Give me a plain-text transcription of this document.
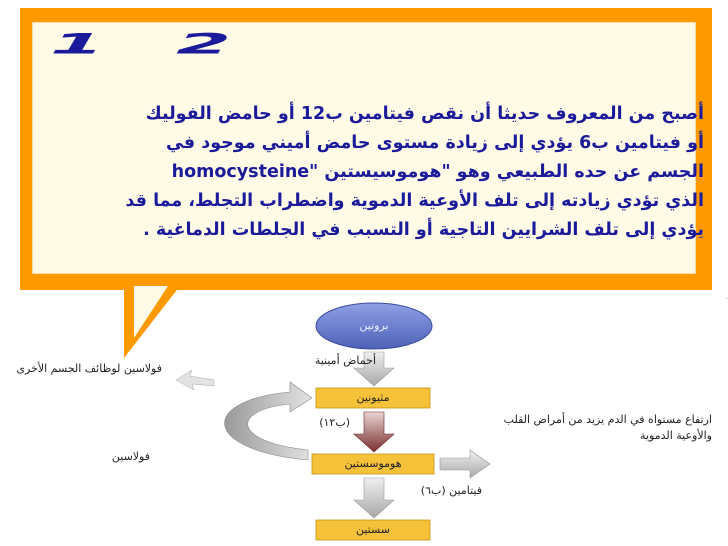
12
أصبح من المعروف حديثا أن نقص فيتامين ب12 أو حامض الفوليك
أو فيتامين ب6 يؤدي إلى زيادة مستوى حامض أميني موجود في
الجسم عن حده الطبيعي وهو "هوموسيستين "homocysteine
الذي تؤدي زيادته إلى تلف الأوعية الدموية واضطراب التجلط، مما قد
يؤدي إلى تلف الشرايين التاجية أو التسبب في الجلطات الدماغية .
بروتين
أحماض أمينية
مثيونين
(ب١٢)
هوموسستين
فيتامين (ب٦)
سستين
فولاسين لوظائف الجسم الأخرى
فولاسين
ارتفاع مستواه في الدم يزيد من أمراض القلب والأوعية الدموية
.
